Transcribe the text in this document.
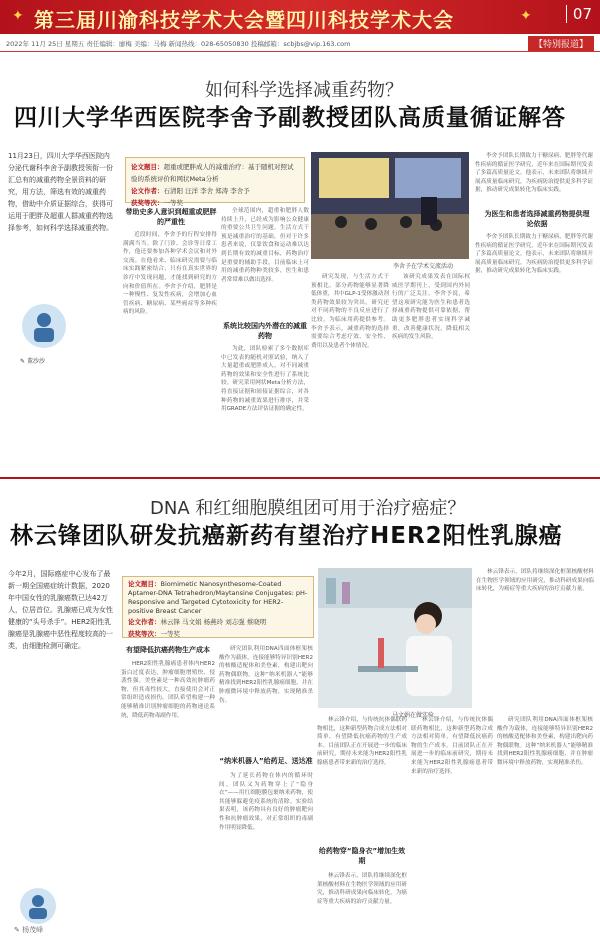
✦ 第三届川渝科技学术大会暨四川科技学术大会	✦	07
2022年 11月 25日 星期五 责任编辑：廖梅 美编：马梅 新闻热线：028-65050830 投稿邮箱：scbjbs@vip.163.com	【特别报道】
如何科学选择减重药物？
四川大学华西医院李舍予副教授团队高质量循证解答
11月23日，四川大学华西医院内分泌代谢科李舍予副教授领衔一份汇总有的减重药物全景资料的研究，用方法，筛选有效的减重药物，借助中介质证据综合，获得可运用于肥胖及超重人群减重药物选择参考，如何科学选择减重药物。
✎ 董沙沙
论文题目：超重或肥胖成人的减重治疗：基于随机对照试验的系统评价和网状Meta分析
论文作者：石清阳 汪洋 李舍 郑涛 李舍予
获奖等次：一等奖
带助史多人意识到超重或肥胖的严重性
近段时间，李舍予的行程安排得满满当当。除了门诊、会诊等日常工作，他还要参加各种学术会议和对外交流。在他看来，临床研究需要与临床实践紧密结合，只有在真实世界的诊疗中发现问题，才能找到研究的方向和价值所在。李舍予介绍，肥胖是一种慢性、复发性疾病，会增加心血管疾病、糖尿病、某些癌症等多种疾病的风险。
全球范围内，超重和肥胖人数持续上升，已经成为影响公众健康的重要公共卫生问题。生活方式干预是减重治疗的基础，但对于许多患者来说，仅靠饮食和运动难以达到长期有效的减重目标，药物治疗是重要的辅助手段。目前临床上可用的减重药物种类较多，医生和患者常常难以做出选择。
系统比较国内外潜在的减重药物
为此，团队检索了多个数据库中已发表的随机对照试验，纳入了大量超重或肥胖成人，对不同减重药物的效果和安全性进行了系统比较。研究采用网状Meta分析方法，将直接证据和间接证据综合，对各种药物的减重效果进行排序，并采用GRADE方法评估证据的确定性。
李舍予在学术交流活动
研究发现，与生活方式干预相比，部分药物能够显著降低体重，其中GLP-1受体激动剂类药物效果较为突出。研究还对不同药物的不良反应进行了比较，为临床用药提供参考。李舍予表示，减重药物的选择需要综合考虑疗效、安全性、费用以及患者个体情况。
该研究成果发表在国际权威医学期刊上，受到国内外同行的广泛关注。李舍予说，希望这项研究能为医生和患者选择减重药物提供可靠依据，帮助更多肥胖患者实现科学减重，改善健康状况，降低相关疾病的发生风险。
李舍予团队长期致力于糖尿病、肥胖等代谢性疾病的循证医学研究，近年来在国际期刊发表了多篇高质量论文。他表示，未来团队将继续开展高质量临床研究，为疾病防治提供更多科学证据，推动研究成果转化为临床实践。
为医生和患者选择减重药物提供理论依据
李舍予团队长期致力于糖尿病、肥胖等代谢性疾病的循证医学研究，近年来在国际期刊发表了多篇高质量论文。他表示，未来团队将继续开展高质量临床研究，为疾病防治提供更多科学证据，推动研究成果转化为临床实践。
DNA 和红细胞膜组团可用于治疗癌症？
林云锋团队研发抗癌新药有望治疗HER2阳性乳腺癌
今年2月，国际癌症中心发布了最新一期全国癌症统计数据，2020年中国女性的乳腺癌数已达42万人，位居首位。乳腺癌已成为女性健康的“头号杀手”。HER2阳性乳腺癌是乳腺癌中恶性程度较高的一类，由细胞检测可确定。
论文题目：Biomimetic Nanosynthesome-Coated Aptamer-DNA Tetrahedron/Maytansine Conjugates: pH-Responsive and Targeted Cytotoxicity for HER2-positive Breast Cancer
论文作者：林云锋 马文娟 杨燕玲 刘志强 蔡晓明
获奖等次：一等奖
有望降低抗癌药物生产成本
HER2阳性乳腺癌患者体内HER2蛋白过度表达，肿瘤细胞增殖快、侵袭性强。美登素是一种高效抗肿瘤药物，但其毒性较大，直接使用会对正常组织造成损伤。团队希望构建一种能够精准识别肿瘤细胞的药物递送系统，降低药物毒副作用。
研究团队利用DNA四面体框架核酸作为载体，连接能够特异识别HER2的核酸适配体和美登素，构建出靶向药物偶联物。这种“纳米机器人”能够精准找到HER2阳性乳腺癌细胞，并在肿瘤微环境中释放药物，实现精准杀伤。
“纳米机器人”给药足、送达准
为了延长药物在体内的循环时间，团队又为药物穿上了“隐身衣”——用红细胞膜包裹纳米药物，使其能够躲避免疫系统的清除。实验结果表明，该药物具有良好的肿瘤靶向性和抗肿瘤效果，对正常组织的毒副作用明显降低。
林云锋介绍，与传统抗体偶联药物相比，这种新型药物合成方法相对简单，有望降低抗癌药物的生产成本。目前团队正在开展进一步的临床前研究，期待未来能为HER2阳性乳腺癌患者带来新的治疗选择。
给药物穿“隐身衣”增加生效期
林云锋表示，团队将继续深化框架核酸材料在生物医学领域的应用研究，推动科研成果向临床转化，为癌症等重大疾病的治疗贡献力量。
马文娟在做实验
林云锋介绍，与传统抗体偶联药物相比，这种新型药物合成方法相对简单，有望降低抗癌药物的生产成本。目前团队正在开展进一步的临床前研究，期待未来能为HER2阳性乳腺癌患者带来新的治疗选择。
林云锋表示，团队将继续深化框架核酸材料在生物医学领域的应用研究，推动科研成果向临床转化，为癌症等重大疾病的治疗贡献力量。
研究团队利用DNA四面体框架核酸作为载体，连接能够特异识别HER2的核酸适配体和美登素，构建出靶向药物偶联物。这种“纳米机器人”能够精准找到HER2阳性乳腺癌细胞，并在肿瘤微环境中释放药物，实现精准杀伤。
✎ 杨茂峰
